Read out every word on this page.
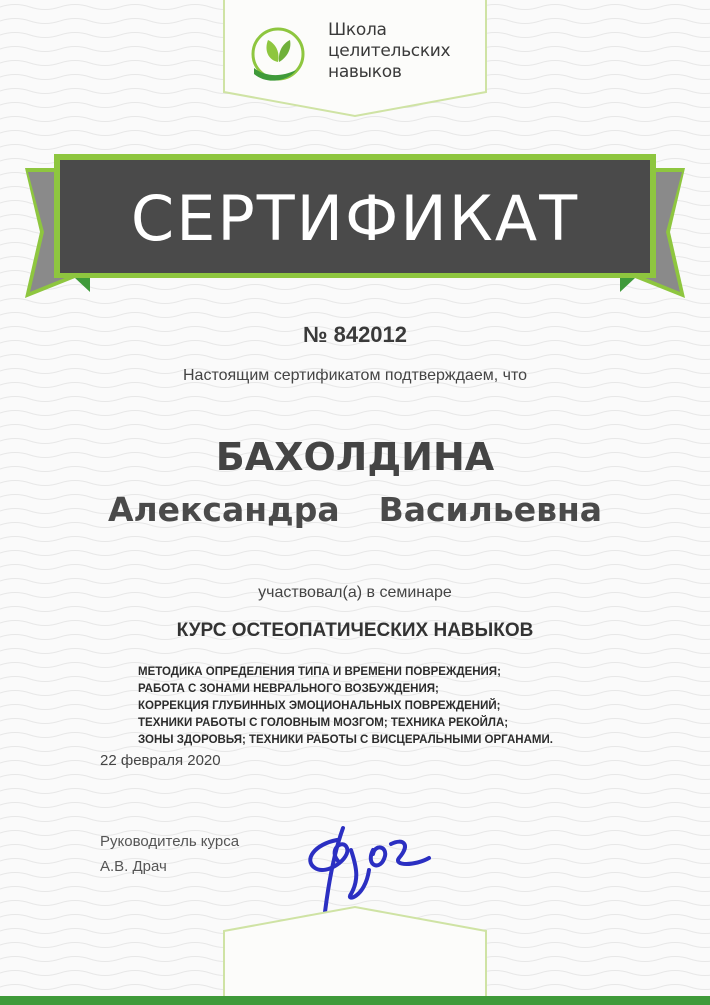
Школа
целительских
навыков
СЕРТИФИКАТ
№ 842012
Настоящим сертификатом подтверждаем, что
БАХОЛДИНА
Александра  Васильевна
участвовал(а) в семинаре
КУРС ОСТЕОПАТИЧЕСКИХ НАВЫКОВ
МЕТОДИКА ОПРЕДЕЛЕНИЯ ТИПА И ВРЕМЕНИ ПОВРЕЖДЕНИЯ;
РАБОТА С ЗОНАМИ НЕВРАЛЬНОГО ВОЗБУЖДЕНИЯ;
КОРРЕКЦИЯ ГЛУБИННЫХ ЭМОЦИОНАЛЬНЫХ ПОВРЕЖДЕНИЙ;
ТЕХНИКИ РАБОТЫ С ГОЛОВНЫМ МОЗГОМ; ТЕХНИКА РЕКОЙЛА;
ЗОНЫ ЗДОРОВЬЯ; ТЕХНИКИ РАБОТЫ С ВИСЦЕРАЛЬНЫМИ ОРГАНАМИ.
22 февраля 2020
Руководитель курса
А.В. Драч
